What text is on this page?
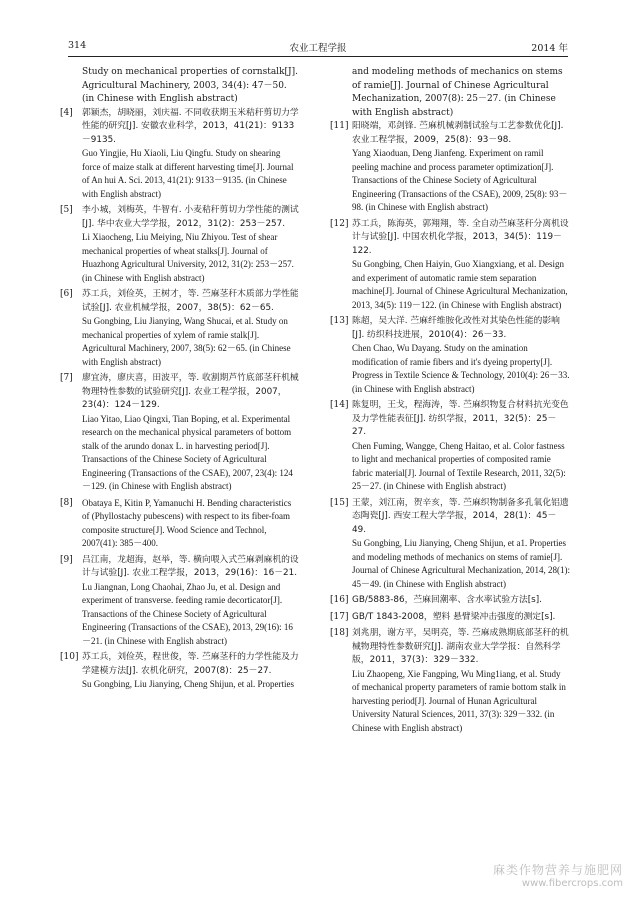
314	农业工程学报	2014 年
Study on mechanical properties of cornstalk[J]. Agricultural Machinery, 2003, 34(4): 47－50. (in Chinese with English abstract)
[4] 郭颖杰，胡晓丽，刘庆福. 不同收获期玉米秸秆剪切力学性能的研究[J]. 安徽农业科学，2013，41(21)：9133－9135.
Guo Yingjie, Hu Xiaoli, Liu Qingfu. Study on shearing force of maize stalk at different harvesting time[J]. Journal of An hui A. Sci. 2013, 41(21): 9133－9135. (in Chinese with English abstract)
[5] 李小城，刘梅英，牛智有. 小麦秸秆剪切力学性能的测试[J]. 华中农业大学学报，2012，31(2)：253－257.
Li Xiaocheng, Liu Meiying, Niu Zhiyou. Test of shear mechanical properties of wheat stalks[J]. Journal of Huazhong Agricultural University, 2012, 31(2): 253－257. (in Chinese with English abstract)
[6] 苏工兵，刘俭英，王树才，等. 苎麻茎秆木质部力学性能试验[J]. 农业机械学报，2007，38(5)：62－65.
Su Gongbing, Liu Jianying, Wang Shucai, et al. Study on mechanical properties of xylem of ramie stalk[J]. Agricultural Machinery, 2007, 38(5): 62－65. (in Chinese with English abstract)
[7] 廖宜涛，廖庆喜，田波平，等. 收割期芦竹底部茎秆机械物理特性参数的试验研究[J]. 农业工程学报，2007，23(4)：124－129.
Liao Yitao, Liao Qingxi, Tian Boping, et al. Experimental research on the mechanical physical parameters of bottom stalk of the arundo donax L. in harvesting period[J]. Transactions of the Chinese Society of Agricultural Engineering (Transactions of the CSAE), 2007, 23(4): 124－129. (in Chinese with English abstract)
[8] Obataya E, Kitin P, Yamanuchi H. Bending characteristics of (Phyllostachy pubescens) with respect to its fiber-foam composite structure[J]. Wood Science and Technol, 2007(41): 385－400.
[9] 吕江南，龙超海，赵举，等. 横向喂入式苎麻剥麻机的设计与试验[J]. 农业工程学报，2013，29(16)：16－21.
Lu Jiangnan, Long Chaohai, Zhao Ju, et al. Design and experiment of transverse. feeding ramie decorticator[J]. Transactions of the Chinese Society of Agricultural Engineering (Transactions of the CSAE), 2013, 29(16): 16－21. (in Chinese with English abstract)
[10] 苏工兵，刘俭英，程世俊，等. 苎麻茎秆的力学性能及力学建模方法[J]. 农机化研究，2007(8)：25－27.
Su Gongbing, Liu Jianying, Cheng Shijun, et al. Properties
and modeling methods of mechanics on stems of ramie[J]. Journal of Chinese Agricultural Mechanization, 2007(8): 25－27. (in Chinese with English abstract)
[11] 阳晓端，邓剑锋. 苎麻机械剥制试验与工艺参数优化[J]. 农业工程学报，2009，25(8)：93－98.
Yang Xiaoduan, Deng Jianfeng. Experiment on ramil peeling machine and process parameter optimization[J]. Transactions of the Chinese Society of Agricultural Engineering (Transactions of the CSAE), 2009, 25(8): 93－98. (in Chinese with English abstract)
[12] 苏工兵，陈海英，郭翔翔，等. 全自动苎麻茎秆分离机设计与试验[J]. 中国农机化学报，2013，34(5)：119－122.
Su Gongbing, Chen Haiyin, Guo Xiangxiang, et al. Design and experiment of automatic ramie stem separation machine[J]. Journal of Chinese Agricultural Mechanization, 2013, 34(5): 119－122. (in Chinese with English abstract)
[13] 陈超，吴大洋. 苎麻纤维胺化改性对其染色性能的影响[J]. 纺织科技进展，2010(4)：26－33.
Chen Chao, Wu Dayang. Study on the amination modification of ramie fibers and it's dyeing property[J]. Progress in Textile Science & Technology, 2010(4): 26－33. (in Chinese with English abstract)
[14] 陈复明，王戈，程海涛，等. 苎麻织物复合材料抗光变色及力学性能表征[J]. 纺织学报，2011，32(5)：25－27.
Chen Fuming, Wangge, Cheng Haitao, et al. Color fastness to light and mechanical properties of composited ramie fabric material[J]. Journal of Textile Research, 2011, 32(5): 25－27. (in Chinese with English abstract)
[15] 王蒙，刘江南，贺辛亥，等. 苎麻织物制备多孔氧化铝遗态陶瓷[J]. 西安工程大学学报，2014，28(1)：45－49.
Su Gongbing, Liu Jianying, Cheng Shijun, et a1. Properties and modeling methods of mechanics on stems of ramie[J]. Journal of Chinese Agricultural Mechanization, 2014, 28(1): 45－49. (in Chinese with English abstract)
[16] GB/5883-86，苎麻回潮率、含水率试验方法[s].
[17] GB/T 1843-2008，塑料 悬臂梁冲击强度的测定[s].
[18] 刘兆朋，谢方平，吴明亮，等. 苎麻成熟期底部茎秆的机械物理特性参数研究[J]. 湖南农业大学学报：自然科学版，2011，37(3)：329－332.
Liu Zhaopeng, Xie Fangping, Wu Ming1iang, et al. Study of mechanical property parameters of ramie bottom stalk in harvesting period[J]. Journal of Hunan Agricultural University Natural Sciences, 2011, 37(3): 329－332. (in Chinese with English abstract)
麻类作物营养与施肥网
www.fibercrops.com
